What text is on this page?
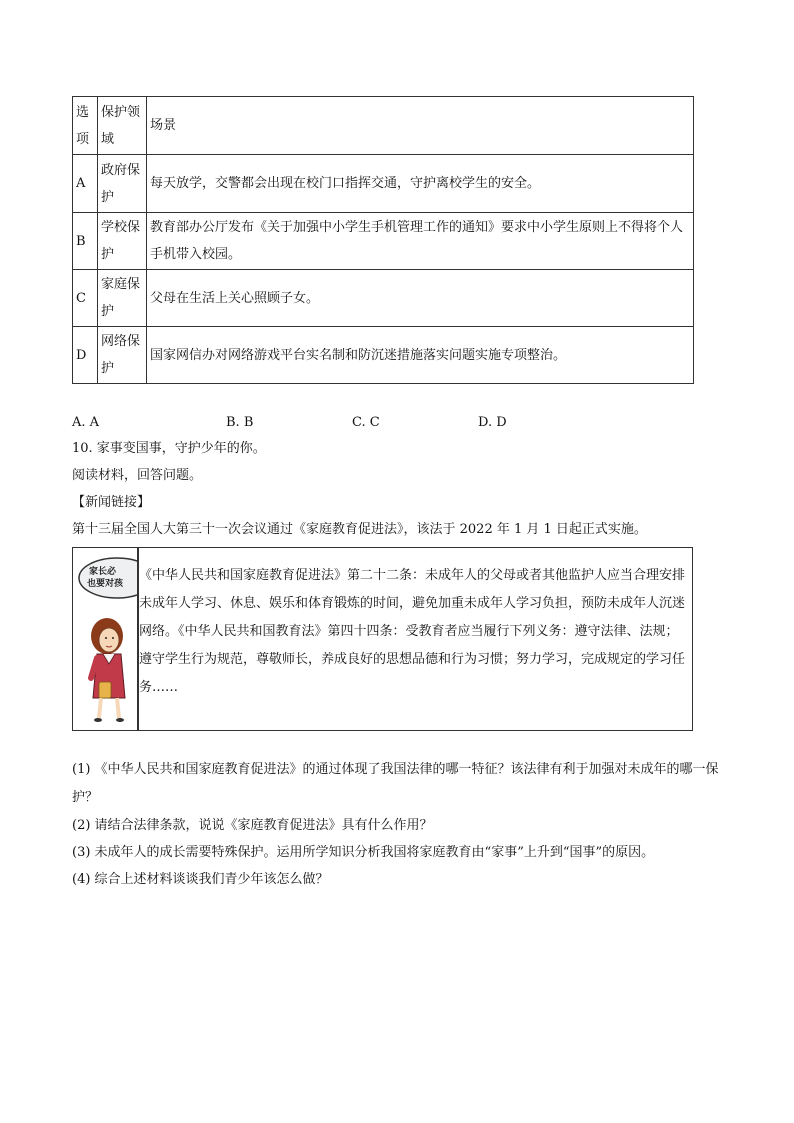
选项	保护领域	场景
A	政府保护	每天放学，交警都会出现在校门口指挥交通，守护离校学生的安全。
B	学校保护	教育部办公厅发布《关于加强中小学生手机管理工作的通知》要求中小学生原则上不得将个人手机带入校园。
C	家庭保护	父母在生活上关心照顾子女。
D	网络保护	国家网信办对网络游戏平台实名制和防沉迷措施落实问题实施专项整治。
A. A	B. B	C. C	D. D
10. 家事变国事，守护少年的你。
阅读材料，回答问题。
【新闻链接】
第十三届全国人大第三十一次会议通过《家庭教育促进法》，该法于 2022 年 1 月 1 日起正式实施。
家长必
也要对孩
《中华人民共和国家庭教育促进法》第二十二条：未成年人的父母或者其他监护人应当合理安排未成年人学习、休息、娱乐和体育锻炼的时间，避免加重未成年人学习负担，预防未成年人沉迷网络。《中华人民共和国教育法》第四十四条：受教育者应当履行下列义务：遵守法律、法规；遵守学生行为规范，尊敬师长，养成良好的思想品德和行为习惯；努力学习，完成规定的学习任务……
(1) 《中华人民共和国家庭教育促进法》的通过体现了我国法律的哪一特征？该法律有利于加强对未成年的哪一保护？
(2) 请结合法律条款，说说《家庭教育促进法》具有什么作用？
(3) 未成年人的成长需要特殊保护。运用所学知识分析我国将家庭教育由“家事”上升到“国事”的原因。
(4) 综合上述材料谈谈我们青少年该怎么做？
